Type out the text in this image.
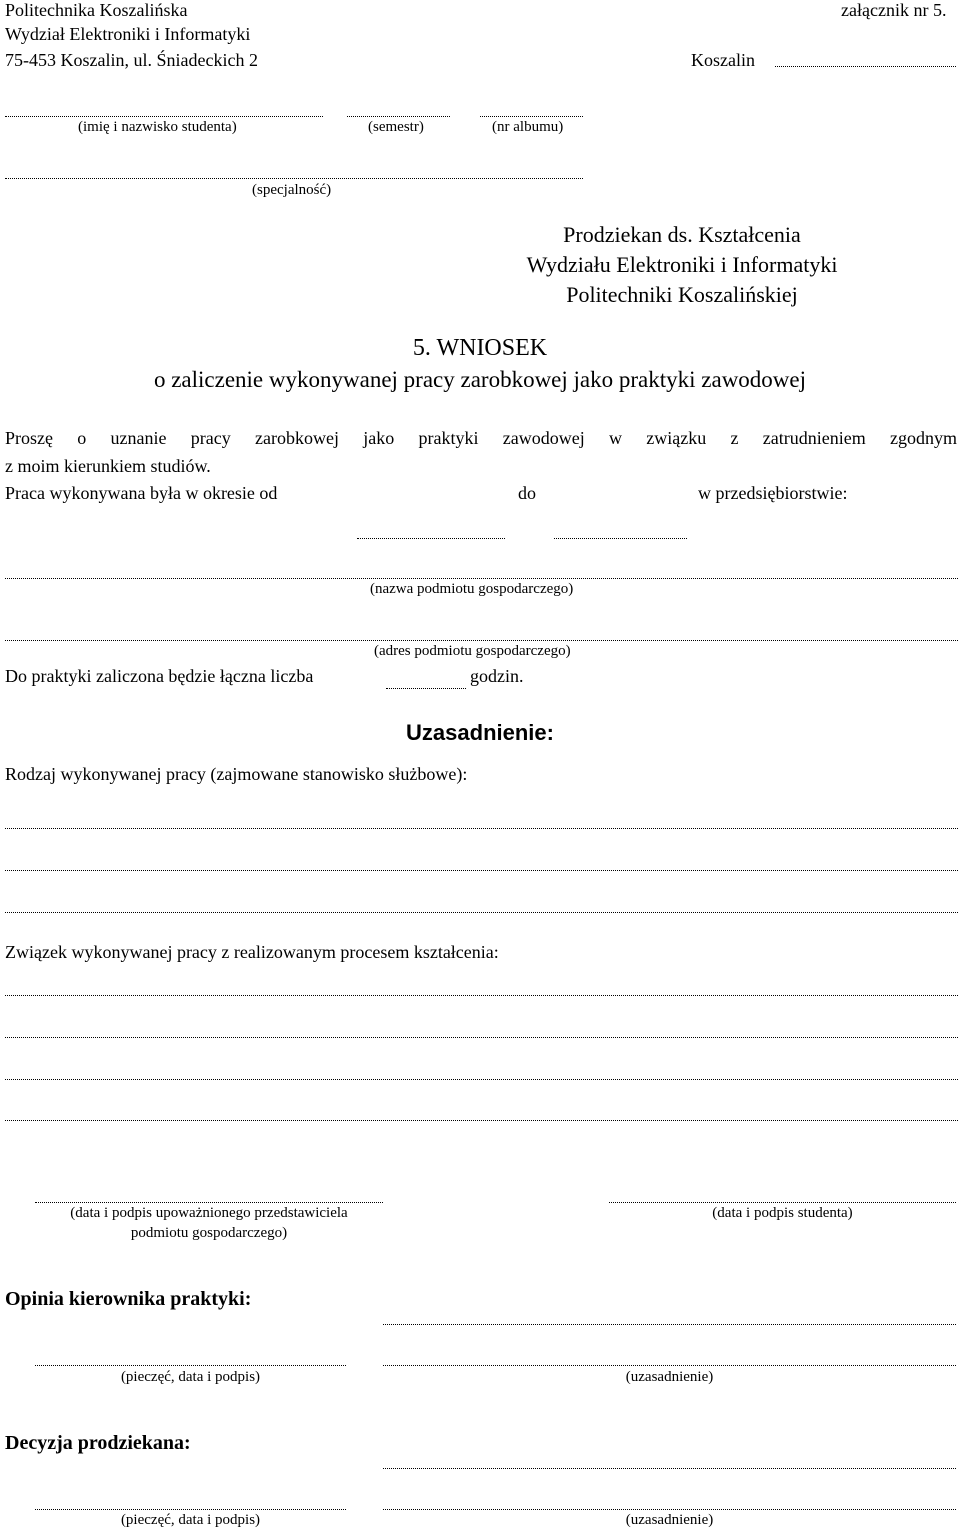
Politechnika Koszalińska
Wydział Elektroniki i Informatyki
75-453 Koszalin, ul. Śniadeckich 2
załącznik nr 5.
Koszalin
(imię i nazwisko studenta)	(semestr)	(nr albumu)
(specjalność)
Prodziekan ds. Kształcenia
Wydziału Elektroniki i Informatyki
Politechniki Koszalińskiej
5. WNIOSEK
o zaliczenie wykonywanej pracy zarobkowej jako praktyki zawodowej
Proszę o uznanie pracy zarobkowej jako praktyki zawodowej w związku z zatrudnieniem zgodnym
z moim kierunkiem studiów.
Praca wykonywana była w okresie od	do	w przedsiębiorstwie:
(nazwa podmiotu gospodarczego)
(adres podmiotu gospodarczego)
Do praktyki zaliczona będzie łączna liczba	godzin.
Uzasadnienie:
Rodzaj wykonywanej pracy (zajmowane stanowisko służbowe):
Związek wykonywanej pracy z realizowanym procesem kształcenia:
(data i podpis upoważnionego przedstawiciela
podmiotu gospodarczego)
(data i podpis studenta)
Opinia kierownika praktyki:
(pieczęć, data i podpis)	(uzasadnienie)
Decyzja prodziekana:
(pieczęć, data i podpis)	(uzasadnienie)
